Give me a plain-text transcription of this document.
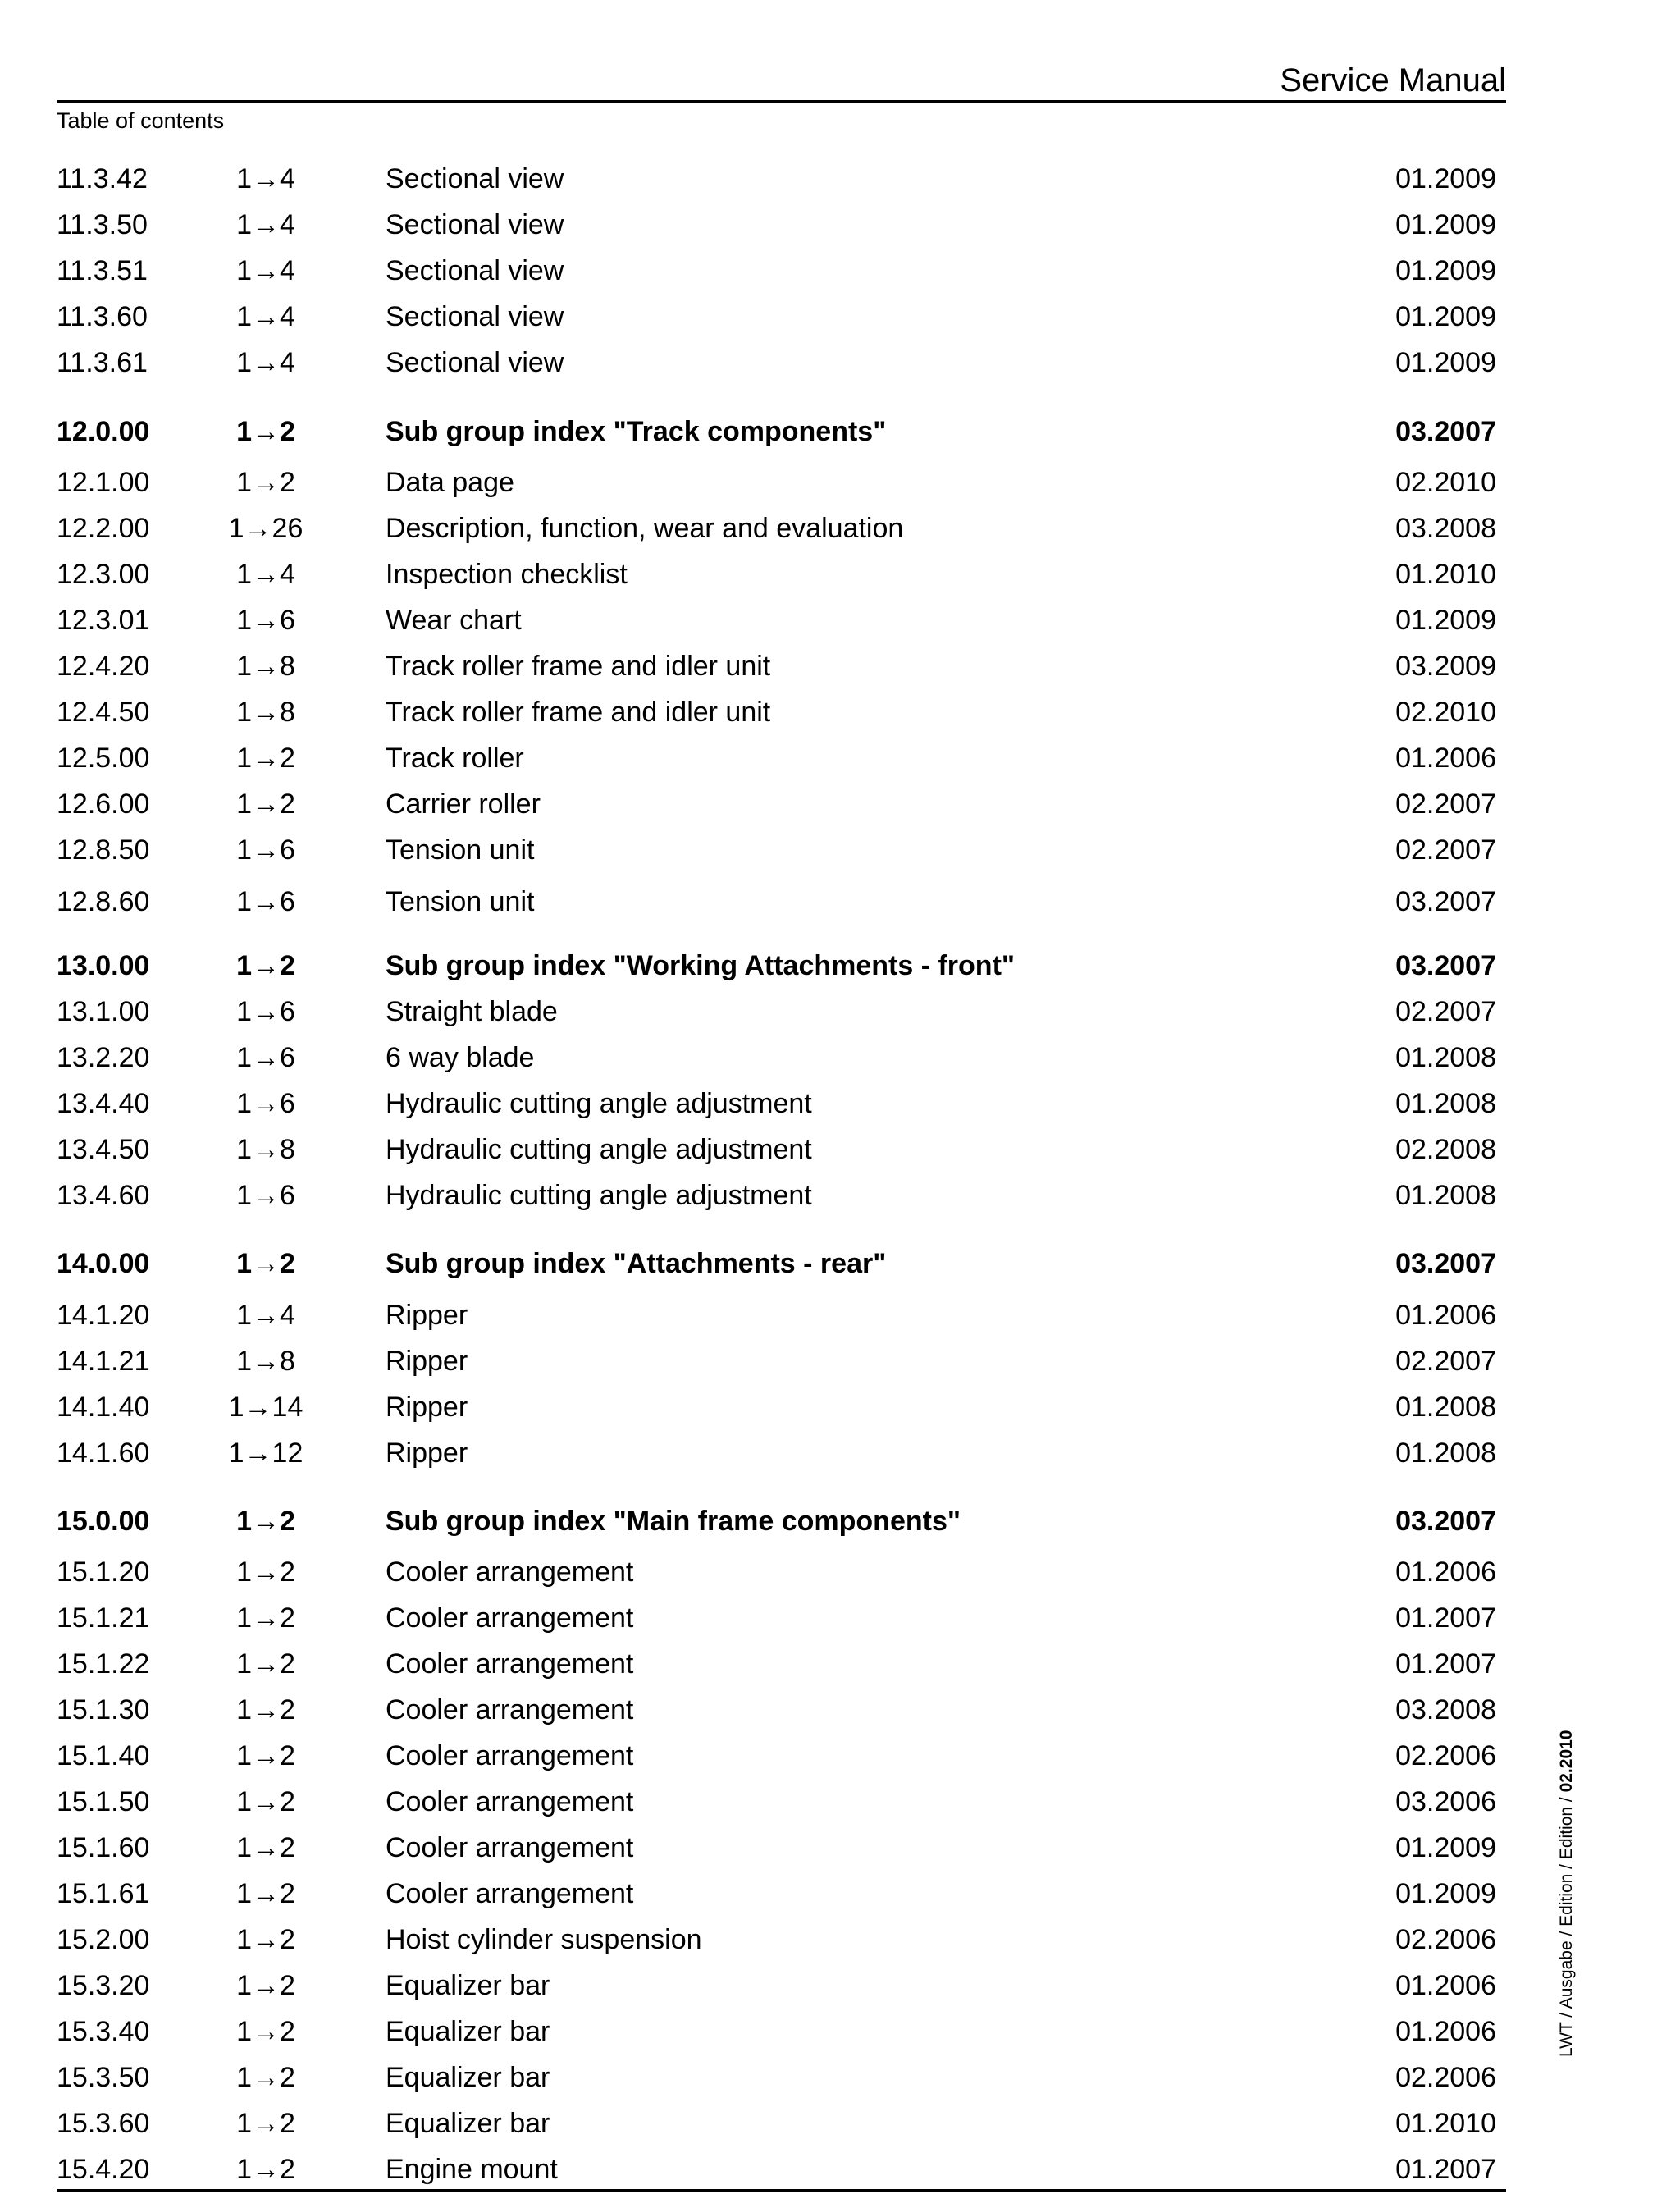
Service Manual
Table of contents
11.3.42	1→4	Sectional view	01.2009
11.3.50	1→4	Sectional view	01.2009
11.3.51	1→4	Sectional view	01.2009
11.3.60	1→4	Sectional view	01.2009
11.3.61	1→4	Sectional view	01.2009
12.0.00	1→2	Sub group index "Track components"	03.2007
12.1.00	1→2	Data page	02.2010
12.2.00	1→26	Description, function, wear and evaluation	03.2008
12.3.00	1→4	Inspection checklist	01.2010
12.3.01	1→6	Wear chart	01.2009
12.4.20	1→8	Track roller frame and idler unit	03.2009
12.4.50	1→8	Track roller frame and idler unit	02.2010
12.5.00	1→2	Track roller	01.2006
12.6.00	1→2	Carrier roller	02.2007
12.8.50	1→6	Tension unit	02.2007
12.8.60	1→6	Tension unit	03.2007
13.0.00	1→2	Sub group index "Working Attachments - front"	03.2007
13.1.00	1→6	Straight blade	02.2007
13.2.20	1→6	6 way blade	01.2008
13.4.40	1→6	Hydraulic cutting angle adjustment	01.2008
13.4.50	1→8	Hydraulic cutting angle adjustment	02.2008
13.4.60	1→6	Hydraulic cutting angle adjustment	01.2008
14.0.00	1→2	Sub group index "Attachments - rear"	03.2007
14.1.20	1→4	Ripper	01.2006
14.1.21	1→8	Ripper	02.2007
14.1.40	1→14	Ripper	01.2008
14.1.60	1→12	Ripper	01.2008
15.0.00	1→2	Sub group index "Main frame components"	03.2007
15.1.20	1→2	Cooler arrangement	01.2006
15.1.21	1→2	Cooler arrangement	01.2007
15.1.22	1→2	Cooler arrangement	01.2007
15.1.30	1→2	Cooler arrangement	03.2008
15.1.40	1→2	Cooler arrangement	02.2006
15.1.50	1→2	Cooler arrangement	03.2006
15.1.60	1→2	Cooler arrangement	01.2009
15.1.61	1→2	Cooler arrangement	01.2009
15.2.00	1→2	Hoist cylinder suspension	02.2006
15.3.20	1→2	Equalizer bar	01.2006
15.3.40	1→2	Equalizer bar	01.2006
15.3.50	1→2	Equalizer bar	02.2006
15.3.60	1→2	Equalizer bar	01.2010
15.4.20	1→2	Engine mount	01.2007
LWT / Ausgabe / Edition / Edition / 02.2010
